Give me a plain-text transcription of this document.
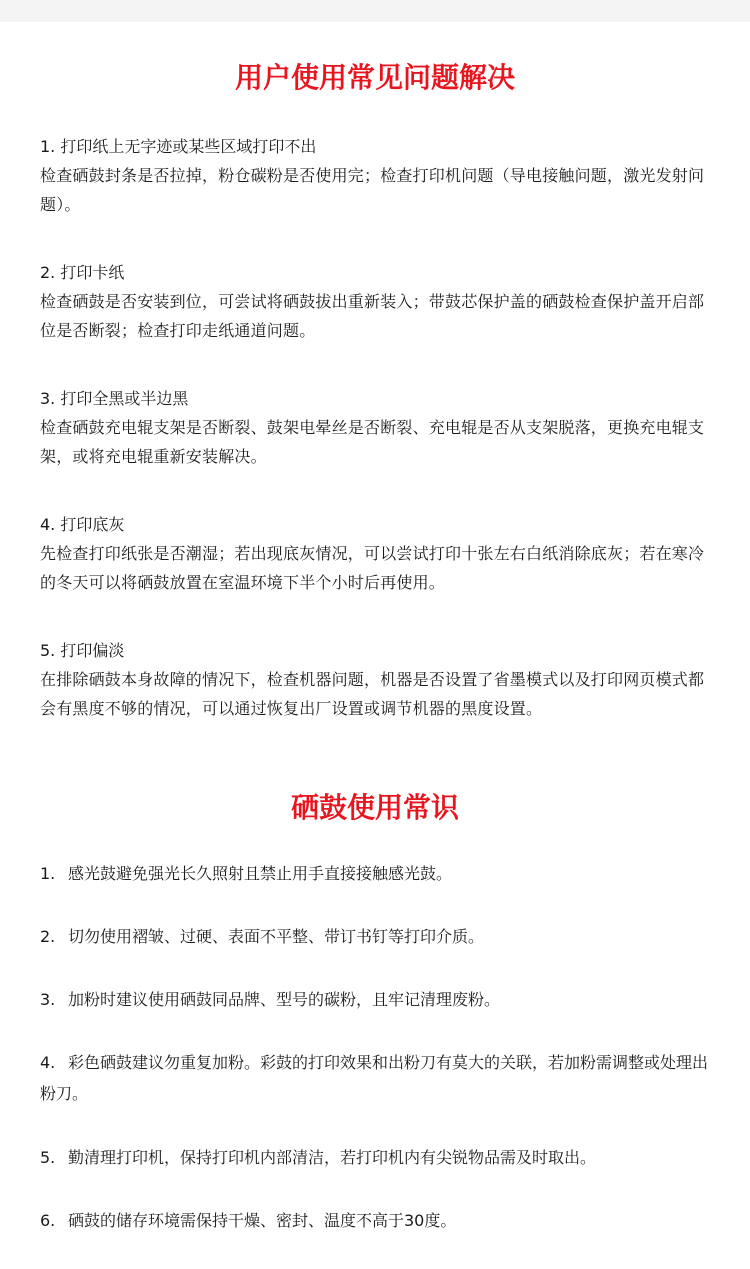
用户使用常见问题解决

1. 打印纸上无字迹或某些区域打印不出

检查硒鼓封条是否拉掉，粉仓碳粉是否使用完；检查打印机问题（导电接触问题，激光发射问题）。

2. 打印卡纸

检查硒鼓是否安装到位，可尝试将硒鼓拔出重新装入；带鼓芯保护盖的硒鼓检查保护盖开启部位是否断裂；检查打印走纸通道问题。

3. 打印全黑或半边黑

检查硒鼓充电辊支架是否断裂、鼓架电晕丝是否断裂、充电辊是否从支架脱落，更换充电辊支架，或将充电辊重新安装解决。

4. 打印底灰

先检查打印纸张是否潮湿；若出现底灰情况，可以尝试打印十张左右白纸消除底灰；若在寒冷的冬天可以将硒鼓放置在室温环境下半个小时后再使用。

5. 打印偏淡

在排除硒鼓本身故障的情况下，检查机器问题，机器是否设置了省墨模式以及打印网页模式都会有黑度不够的情况，可以通过恢复出厂设置或调节机器的黑度设置。

硒鼓使用常识

1. 感光鼓避免强光长久照射且禁止用手直接接触感光鼓。

2. 切勿使用褶皱、过硬、表面不平整、带订书钉等打印介质。

3. 加粉时建议使用硒鼓同品牌、型号的碳粉，且牢记清理废粉。

4. 彩色硒鼓建议勿重复加粉。彩鼓的打印效果和出粉刀有莫大的关联，若加粉需调整或处理出粉刀。

5. 勤清理打印机，保持打印机内部清洁，若打印机内有尖锐物品需及时取出。

6. 硒鼓的储存环境需保持干燥、密封、温度不高于30度。
